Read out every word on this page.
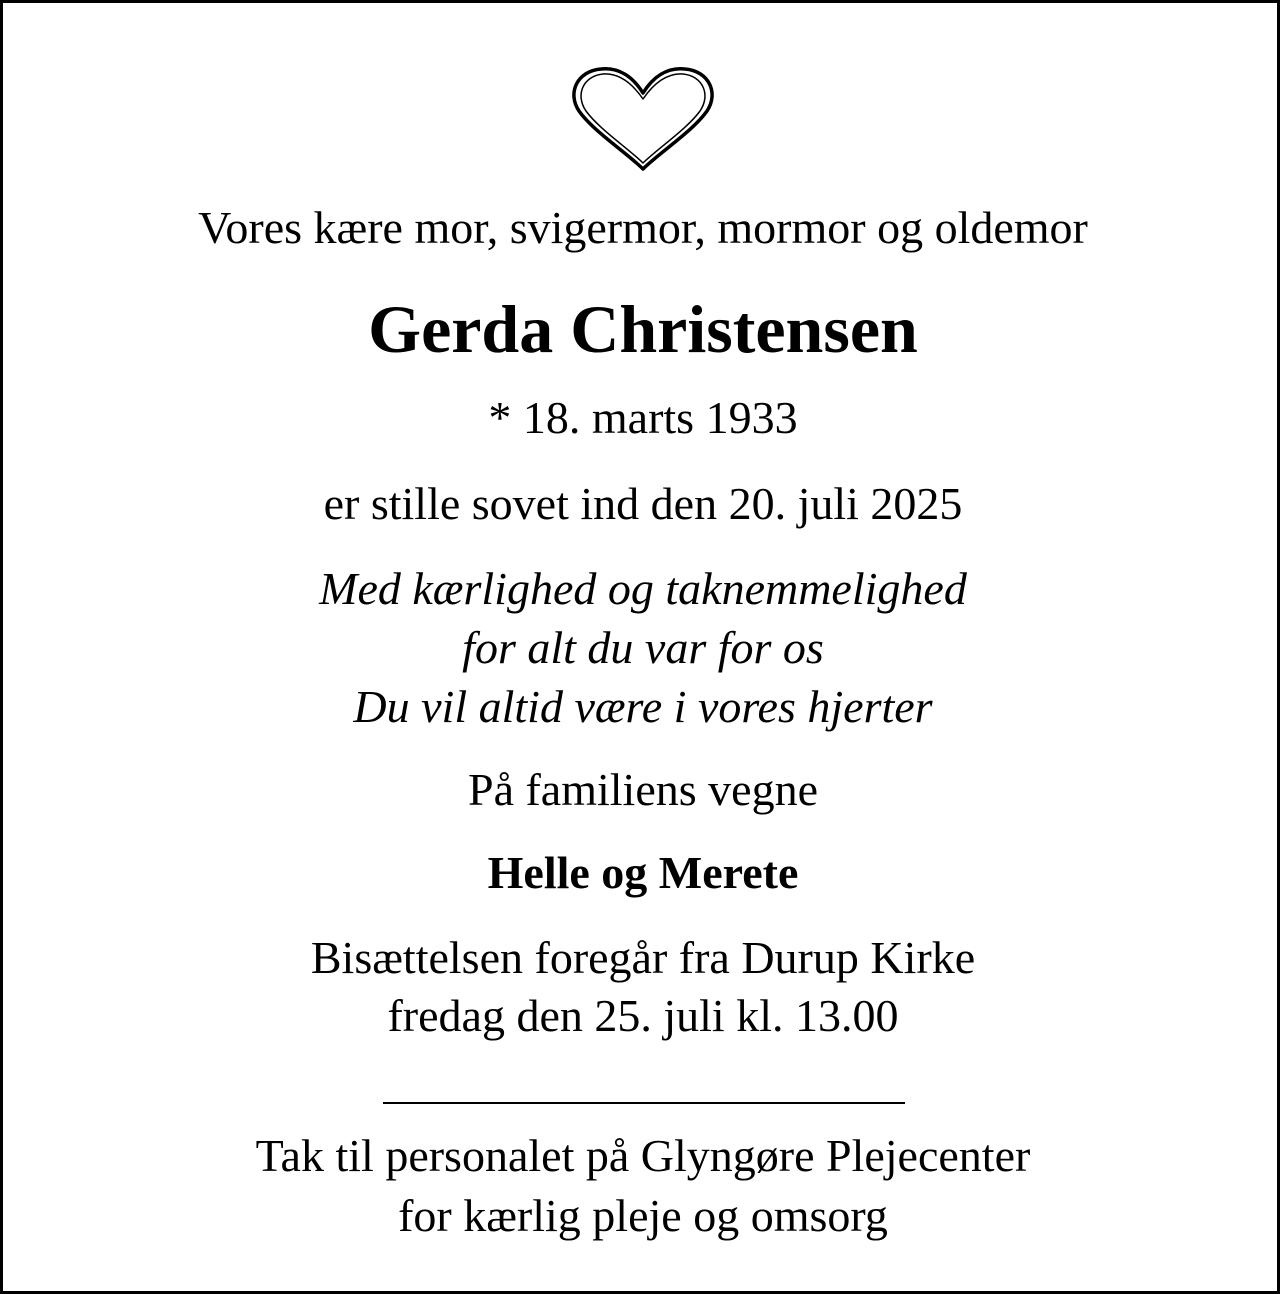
Vores kære mor, svigermor, mormor og oldemor
Gerda Christensen
* 18. marts 1933
er stille sovet ind den 20. juli 2025
Med kærlighed og taknemmelighed
for alt du var for os
Du vil altid være i vores hjerter
På familiens vegne
Helle og Merete
Bisættelsen foregår fra Durup Kirke
fredag den 25. juli kl. 13.00
Tak til personalet på Glyngøre Plejecenter
for kærlig pleje og omsorg
